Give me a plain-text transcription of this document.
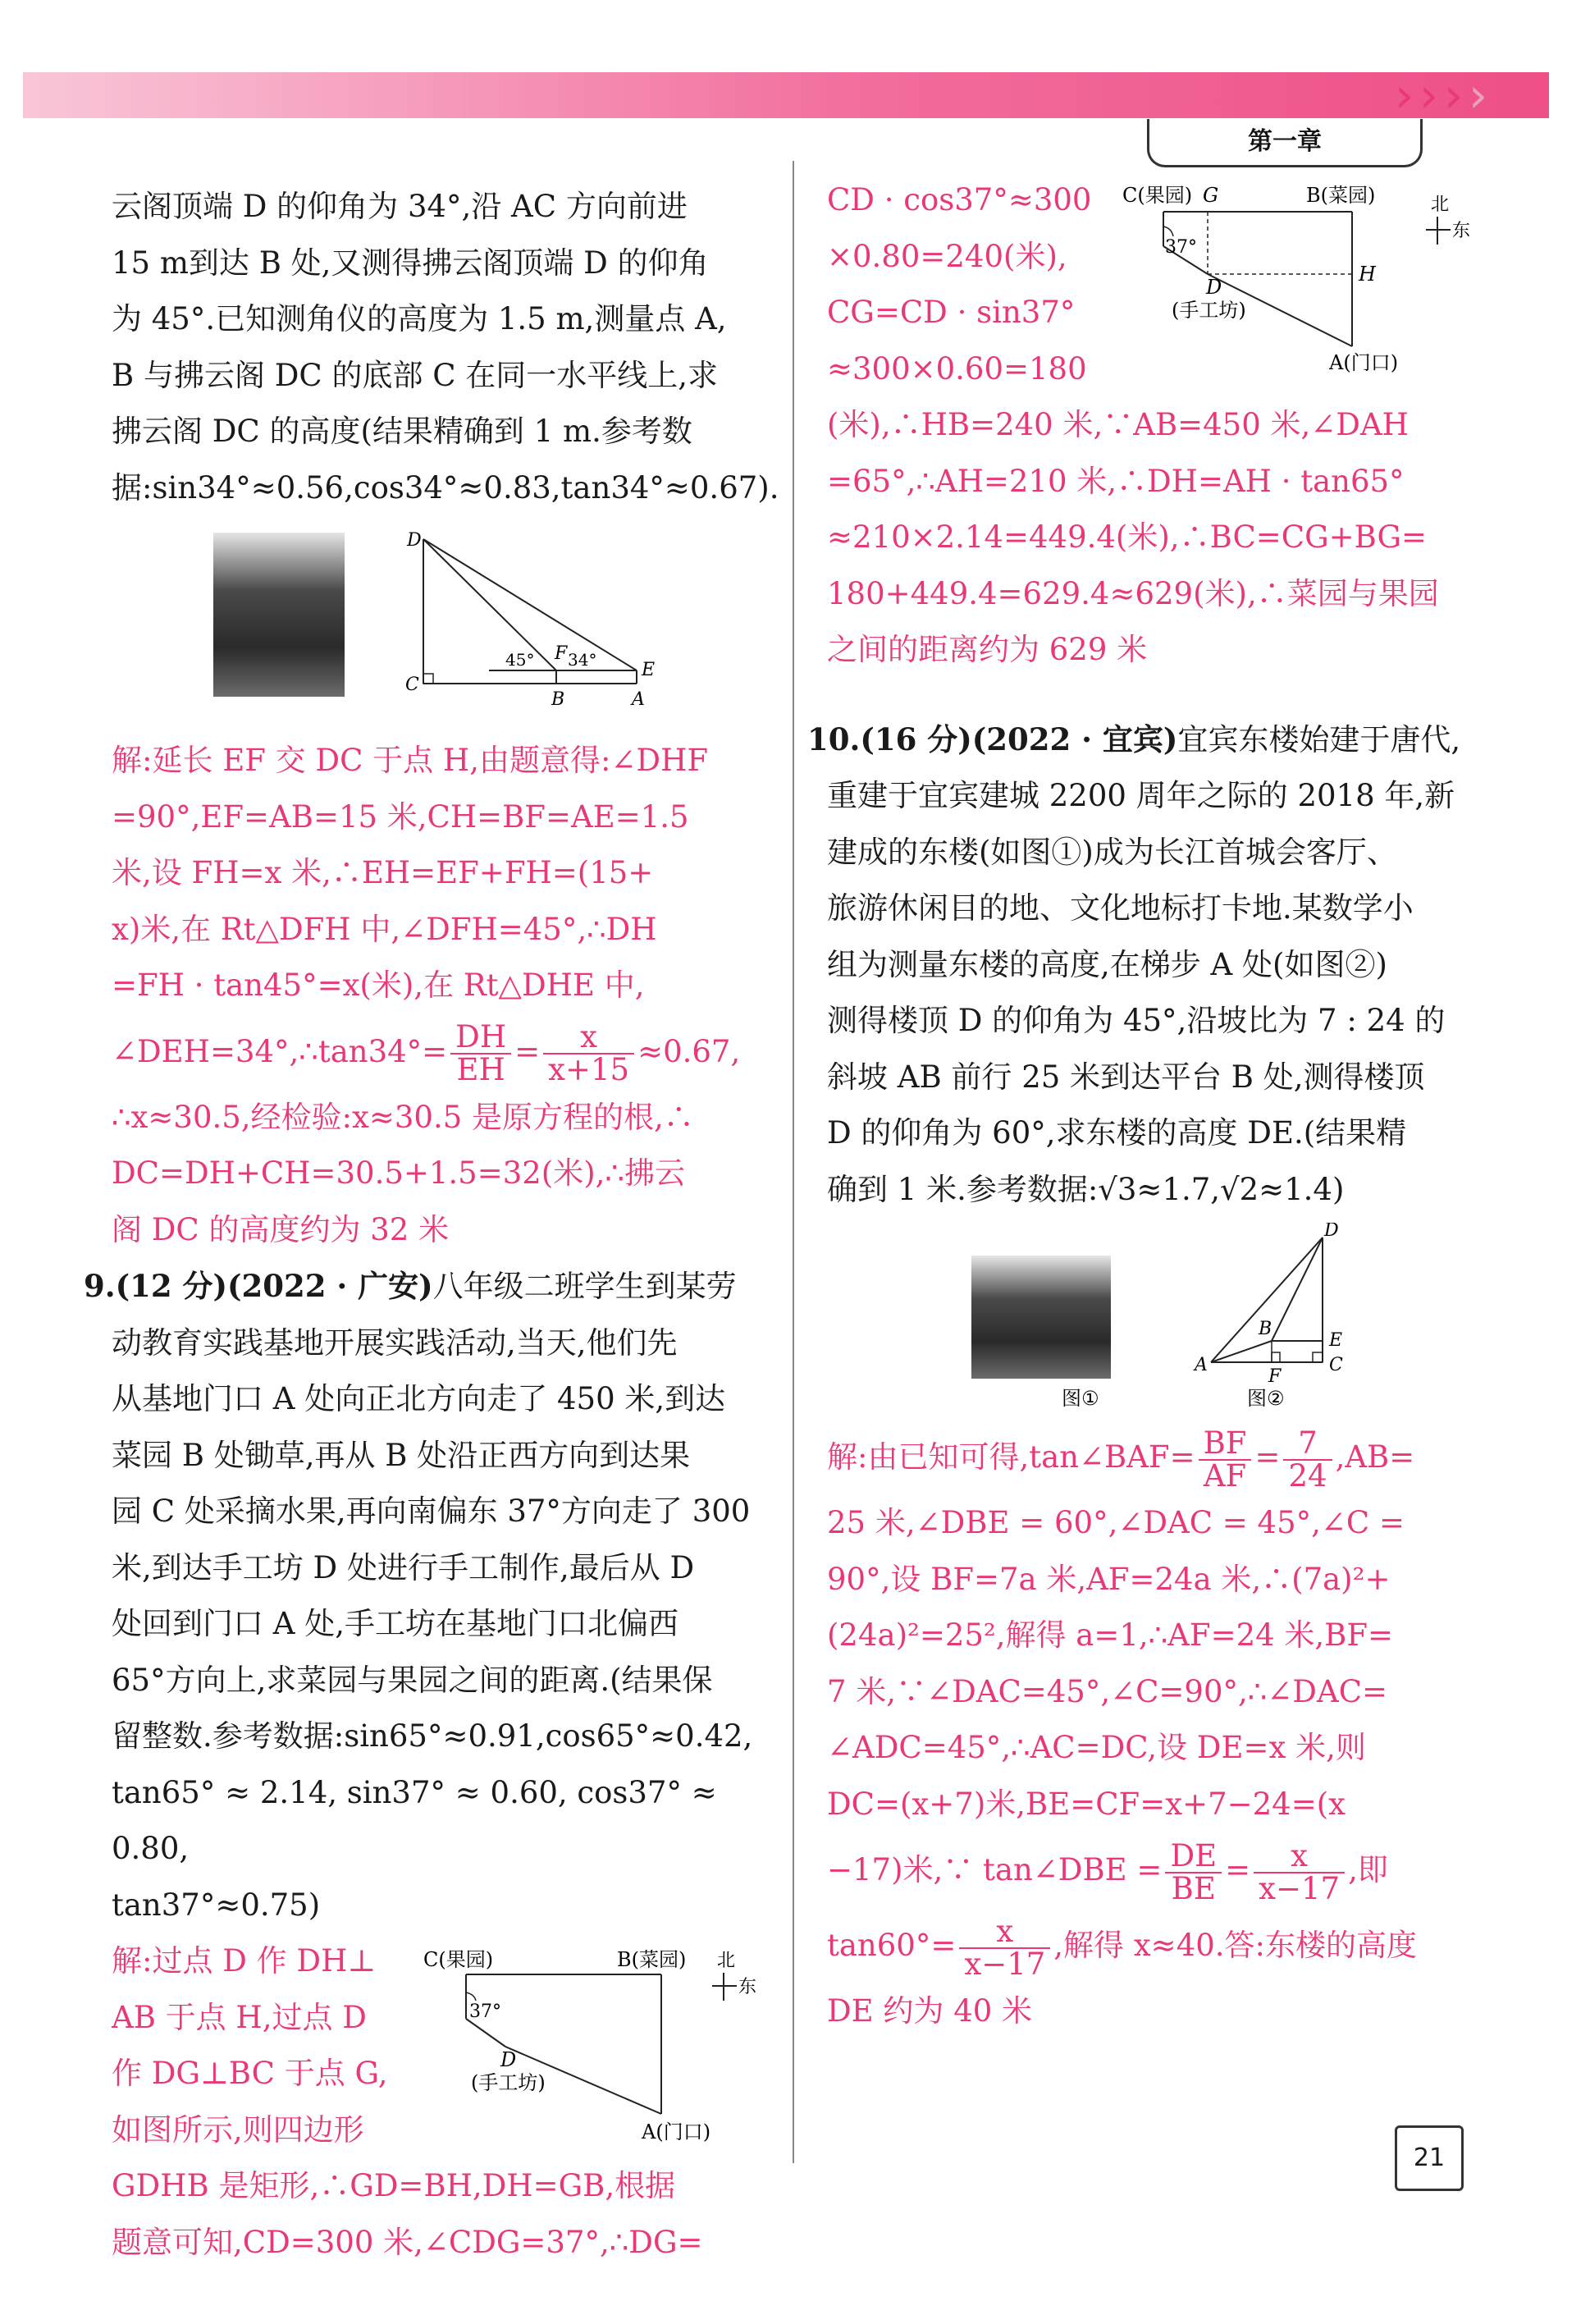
› › › ›
第一章

云阁顶端 D 的仰角为 34°,沿 AC 方向前进

15 m到达 B 处,又测得拂云阁顶端 D 的仰角

为 45°.已知测角仪的高度为 1.5 m,测量点 A,

B 与拂云阁 DC 的底部 C 在同一水平线上,求

拂云阁 DC 的高度(结果精确到 1 m.参考数

据:sin34°≈0.56,cos34°≈0.83,tan34°≈0.67).

D
C
B	A
E
F
45° 34°

解:延长 EF 交 DC 于点 H,由题意得:∠DHF

=90°,EF=AB=15 米,CH=BF=AE=1.5

米,设 FH=x 米,∴EH=EF+FH=(15+

x)米,在 Rt△DFH 中,∠DFH=45°,∴DH

=FH · tan45°=x(米),在 Rt△DHE 中,

∠DEH=34°,∴tan34°= $\frac{DH}{EH} = \frac{x}{x+15} \approx 0.67$,

∴x≈30.5,经检验:x≈30.5 是原方程的根,∴

DC=DH+CH=30.5+1.5=32(米),∴拂云

阁 DC 的高度约为 32 米

9.(12 分)(2022 · 广安)八年级二班学生到某劳

动教育实践基地开展实践活动,当天,他们先

从基地门口 A 处向正北方向走了 450 米,到达

菜园 B 处锄草,再从 B 处沿正西方向到达果

园 C 处采摘水果,再向南偏东 37°方向走了 300

米,到达手工坊 D 处进行手工制作,最后从 D

处回到门口 A 处,手工坊在基地门口北偏西

65°方向上,求菜园与果园之间的距离.(结果保

留整数.参考数据:sin65°≈0.91,cos65°≈0.42,

tan65° ≈ 2.14, sin37° ≈ 0.60, cos37° ≈ 0.80,

tan37°≈0.75)

解:过点 D 作 DH⊥

AB 于点 H,过点 D

作 DG⊥BC 于点 G,

如图所示,则四边形

C(果园)	B(菜园)
37°
D
(手工坊)
A(门口)
北
东

GDHB 是矩形,∴GD=BH,DH=GB,根据

题意可知,CD=300 米,∠CDG=37°,∴DG=

CD · cos37°≈300

×0.80=240(米),

CG=CD · sin37°

≈300×0.60=180

C(果园) G	B(菜园)
37°
D
(手工坊)
H
A(门口)
北
东

(米),∴HB=240 米,∵AB=450 米,∠DAH

=65°,∴AH=210 米,∴DH=AH · tan65°

≈210×2.14=449.4(米),∴BC=CG+BG=

180+449.4=629.4≈629(米),∴菜园与果园

之间的距离约为 629 米

10.(16 分)(2022 · 宜宾)宜宾东楼始建于唐代,

重建于宜宾建城 2200 周年之际的 2018 年,新

建成的东楼(如图①)成为长江首城会客厅、

旅游休闲目的地、文化地标打卡地.某数学小

组为测量东楼的高度,在梯步 A 处(如图②)

测得楼顶 D 的仰角为 45°,沿坡比为 7 : 24 的

斜坡 AB 前行 25 米到达平台 B 处,测得楼顶

D 的仰角为 60°,求东楼的高度 DE.(结果精

确到 1 米.参考数据:√3≈1.7,√2≈1.4)

D
B
E
A
F
C
图①	图②

解:由已知可得,tan∠BAF= $\frac{BF}{AF} = \frac{7}{24} ,AB=$

25 米,∠DBE = 60°,∠DAC = 45°,∠C =

90°,设 BF=7a 米,AF=24a 米,∴(7a)²+

(24a)²=25²,解得 a=1,∴AF=24 米,BF=

7 米,∵∠DAC=45°,∠C=90°,∴∠DAC=

∠ADC=45°,∴AC=DC,设 DE=x 米,则

DC=(x+7)米,BE=CF=x+7−24=(x

−17)米,∵ tan∠DBE = $\frac{DE}{BE} = \frac{x}{x-17}$ ,即

$\tan 60^\circ= \frac{x}{x-17}$ ,解得 x≈40.答:东楼的高度

DE 约为 40 米

21
